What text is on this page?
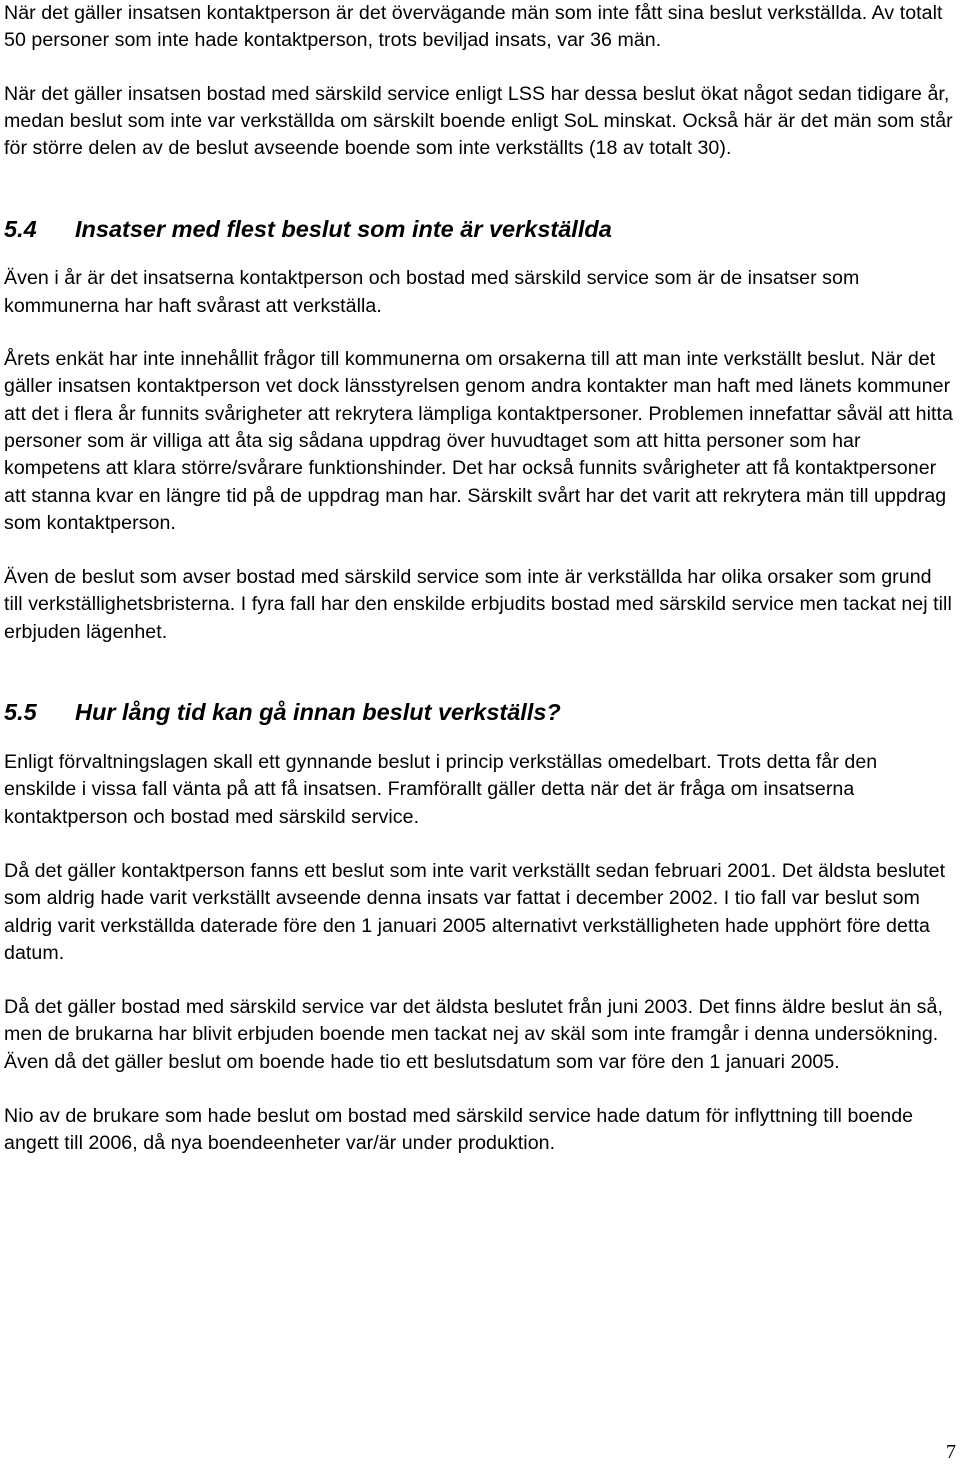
När det gäller insatsen kontaktperson är det övervägande män som inte fått sina beslut verkställda. Av totalt 50 personer som inte hade kontaktperson, trots beviljad insats, var 36 män.

När det gäller insatsen bostad med särskild service enligt LSS har dessa beslut ökat något sedan tidigare år, medan beslut som inte var verkställda om särskilt boende enligt SoL minskat. Också här är det män som står för större delen av de beslut avseende boende som inte verkställts (18 av totalt 30).

5.4	Insatser med flest beslut som inte är verkställda

Även i år är det insatserna kontaktperson och bostad med särskild service som är de insatser som kommunerna har haft svårast att verkställa.

Årets enkät har inte innehållit frågor till kommunerna om orsakerna till att man inte verkställt beslut. När det gäller insatsen kontaktperson vet dock länsstyrelsen genom andra kontakter man haft med länets kommuner att det i flera år funnits svårigheter att rekrytera lämpliga kontaktpersoner. Problemen innefattar såväl att hitta personer som är villiga att åta sig sådana uppdrag över huvudtaget som att hitta personer som har kompetens att klara större/svårare funktionshinder. Det har också funnits svårigheter att få kontaktpersoner att stanna kvar en längre tid på de uppdrag man har. Särskilt svårt har det varit att rekrytera män till uppdrag som kontaktperson.

Även de beslut som avser bostad med särskild service som inte är verkställda har olika orsaker som grund till verkställighetsbristerna. I fyra fall har den enskilde erbjudits bostad med särskild service men tackat nej till erbjuden lägenhet.

5.5	Hur lång tid kan gå innan beslut verkställs?

Enligt förvaltningslagen skall ett gynnande beslut i princip verkställas omedelbart. Trots detta får den enskilde i vissa fall vänta på att få insatsen. Framförallt gäller detta när det är fråga om insatserna kontaktperson och bostad med särskild service.

Då det gäller kontaktperson fanns ett beslut som inte varit verkställt sedan februari 2001. Det äldsta beslutet som aldrig hade varit verkställt avseende denna insats var fattat i december 2002. I tio fall var beslut som aldrig varit verkställda daterade före den 1 januari 2005 alternativt verkställigheten hade upphört före detta datum.

Då det gäller bostad med särskild service var det äldsta beslutet från juni 2003. Det finns äldre beslut än så, men de brukarna har blivit erbjuden boende men tackat nej av skäl som inte framgår i denna undersökning. Även då det gäller beslut om boende hade tio ett beslutsdatum som var före den 1 januari 2005.

Nio av de brukare som hade beslut om bostad med särskild service hade datum för inflyttning till boende angett till 2006, då nya boendeenheter var/är under produktion.

7
